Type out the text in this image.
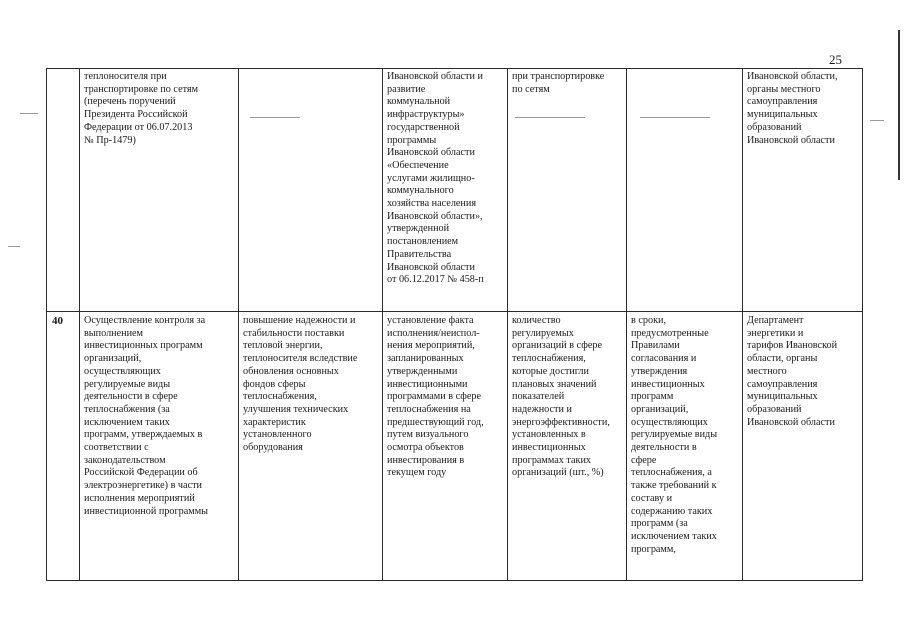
25
теплоносителя при
транспортировке по сетям
(перечень поручений
Президента Российской
Федерации от 06.07.2013
№ Пр-1479)
Ивановской области и
развитие
коммунальной
инфраструктуры»
государственной
программы
Ивановской области
«Обеспечение
услугами жилищно-
коммунального
хозяйства населения
Ивановской области»,
утвержденной
постановлением
Правительства
Ивановской области
от 06.12.2017 № 458-п
при транспортировке
по сетям
Ивановской области,
органы местного
самоуправления
муниципальных
образований
Ивановской области
40	Осуществление контроля за
выполнением
инвестиционных программ
организаций,
осуществляющих
регулируемые виды
деятельности в сфере
теплоснабжения (за
исключением таких
программ, утверждаемых в
соответствии с
законодательством
Российской Федерации об
электроэнергетике) в части
исполнения мероприятий
инвестиционной программы
повышение надежности и
стабильности поставки
тепловой энергии,
теплоносителя вследствие
обновления основных
фондов сферы
теплоснабжения,
улучшения технических
характеристик
установленного
оборудования
установление факта
исполнения/неиспол-
нения мероприятий,
запланированных
утвержденными
инвестиционными
программами в сфере
теплоснабжения на
предшествующий год,
путем визуального
осмотра объектов
инвестирования в
текущем году
количество
регулируемых
организаций в сфере
теплоснабжения,
которые достигли
плановых значений
показателей
надежности и
энергоэффективности,
установленных в
инвестиционных
программах таких
организаций (шт., %)
в сроки,
предусмотренные
Правилами
согласования и
утверждения
инвестиционных
программ
организаций,
осуществляющих
регулируемые виды
деятельности в
сфере
теплоснабжения, а
также требований к
составу и
содержанию таких
программ (за
исключением таких
программ,
Департамент
энергетики и
тарифов Ивановской
области, органы
местного
самоуправления
муниципальных
образований
Ивановской области
